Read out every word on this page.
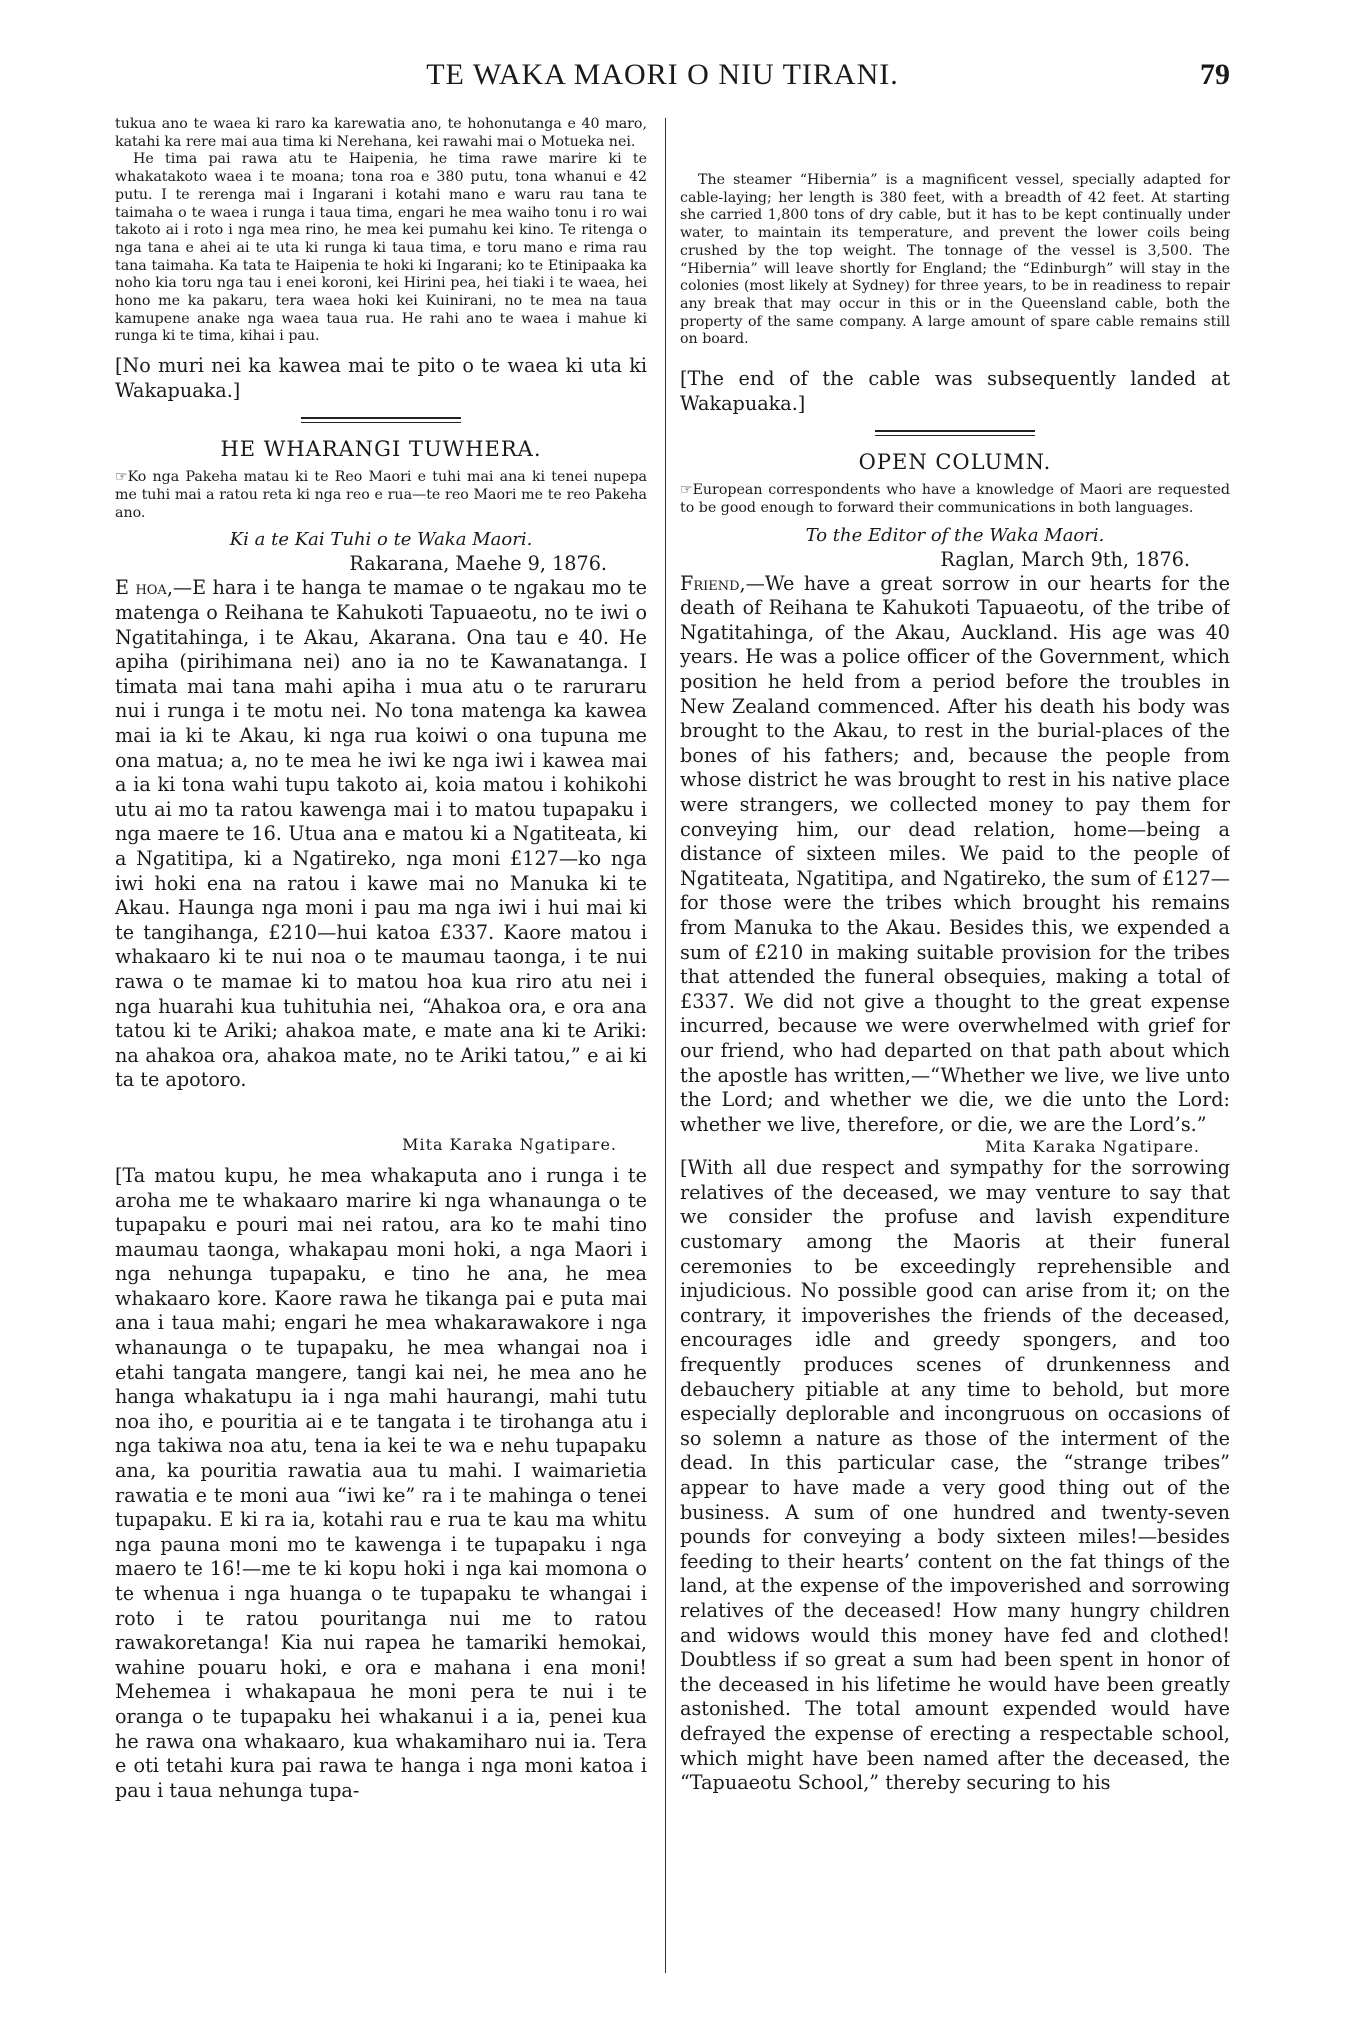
TE WAKA MAORI O NIU TIRANI.	79

tukua ano te waea ki raro ka karewatia ano, te hohonutanga e 40 maro, katahi ka rere mai aua tima ki Nerehana, kei rawahi mai o Motueka nei.

He tima pai rawa atu te Haipenia, he tima rawe marire ki te whakatakoto waea i te moana; tona roa e 380 putu, tona whanui e 42 putu. I te rerenga mai i Ingarani i kotahi mano e waru rau tana te taimaha o te waea i runga i taua tima, engari he mea waiho tonu i ro wai takoto ai i roto i nga mea rino, he mea kei pumahu kei kino. Te ritenga o nga tana e ahei ai te uta ki runga ki taua tima, e toru mano e rima rau tana taimaha. Ka tata te Haipenia te hoki ki Ingarani; ko te Etinipaaka ka noho kia toru nga tau i enei koroni, kei Hirini pea, hei tiaki i te waea, hei hono me ka pakaru, tera waea hoki kei Kuinirani, no te mea na taua kamupene anake nga waea taua rua. He rahi ano te waea i mahue ki runga ki te tima, kihai i pau.

[No muri nei ka kawea mai te pito o te waea ki uta ki Wakapuaka.]

HE WHARANGI TUWHERA.

☞Ko nga Pakeha matau ki te Reo Maori e tuhi mai ana ki tenei nupepa me tuhi mai a ratou reta ki nga reo e rua—te reo Maori me te reo Pakeha ano.

Ki a te Kai Tuhi o te Waka Maori.
Rakarana, Maehe 9, 1876.

E hoa,—E hara i te hanga te mamae o te ngakau mo te matenga o Reihana te Kahukoti Tapuaeotu, no te iwi o Ngatitahinga, i te Akau, Akarana. Ona tau e 40. He apiha (pirihimana nei) ano ia no te Kawanatanga. I timata mai tana mahi apiha i mua atu o te raruraru nui i runga i te motu nei. No tona matenga ka kawea mai ia ki te Akau, ki nga rua koiwi o ona tupuna me ona matua; a, no te mea he iwi ke nga iwi i kawea mai a ia ki tona wahi tupu takoto ai, koia matou i kohikohi utu ai mo ta ratou kawenga mai i to matou tupapaku i nga maere te 16. Utua ana e matou ki a Ngatiteata, ki a Ngatitipa, ki a Ngatireko, nga moni £127—ko nga iwi hoki ena na ratou i kawe mai no Manuka ki te Akau. Haunga nga moni i pau ma nga iwi i hui mai ki te tangihanga, £210—hui katoa £337. Kaore matou i whakaaro ki te nui noa o te maumau taonga, i te nui rawa o te mamae ki to matou hoa kua riro atu nei i nga huarahi kua tuhituhia nei, “Ahakoa ora, e ora ana tatou ki te Ariki; ahakoa mate, e mate ana ki te Ariki: na ahakoa ora, ahakoa mate, no te Ariki tatou,” e ai ki ta te apotoro.

Mita Karaka Ngatipare.

[Ta matou kupu, he mea whakaputa ano i runga i te aroha me te whakaaro marire ki nga whanaunga o te tupapaku e pouri mai nei ratou, ara ko te mahi tino maumau taonga, whakapau moni hoki, a nga Maori i nga nehunga tupapaku, e tino he ana, he mea whakaaro kore. Kaore rawa he tikanga pai e puta mai ana i taua mahi; engari he mea whakarawakore i nga whanaunga o te tupapaku, he mea whangai noa i etahi tangata mangere, tangi kai nei, he mea ano he hanga whakatupu ia i nga mahi haurangi, mahi tutu noa iho, e pouritia ai e te tangata i te tirohanga atu i nga takiwa noa atu, tena ia kei te wa e nehu tupapaku ana, ka pouritia rawatia aua tu mahi. I waimarietia rawatia e te moni aua “iwi ke” ra i te mahinga o tenei tupapaku. E ki ra ia, kotahi rau e rua te kau ma whitu nga pauna moni mo te kawenga i te tupapaku i nga maero te 16!—me te ki kopu hoki i nga kai momona o te whenua i nga huanga o te tupapaku te whangai i roto i te ratou pouritanga nui me to ratou rawakoretanga! Kia nui rapea he tamariki hemokai, wahine pouaru hoki, e ora e mahana i ena moni! Mehemea i whakapaua he moni pera te nui i te oranga o te tupapaku hei whakanui i a ia, penei kua he rawa ona whakaaro, kua whakamiharo nui ia. Tera e oti tetahi kura pai rawa te hanga i nga moni katoa i pau i taua nehunga tupa-

The steamer “Hibernia” is a magnificent vessel, specially adapted for cable-laying; her length is 380 feet, with a breadth of 42 feet. At starting she carried 1,800 tons of dry cable, but it has to be kept continually under water, to maintain its temperature, and prevent the lower coils being crushed by the top weight. The tonnage of the vessel is 3,500. The “Hibernia” will leave shortly for England; the “Edinburgh” will stay in the colonies (most likely at Sydney) for three years, to be in readiness to repair any break that may occur in this or in the Queensland cable, both the property of the same company. A large amount of spare cable remains still on board.

[The end of the cable was subsequently landed at Wakapuaka.]

OPEN COLUMN.

☞European correspondents who have a knowledge of Maori are requested to be good enough to forward their communications in both languages.

To the Editor of the Waka Maori.
Raglan, March 9th, 1876.

Friend,—We have a great sorrow in our hearts for the death of Reihana te Kahukoti Tapuaeotu, of the tribe of Ngatitahinga, of the Akau, Auckland. His age was 40 years. He was a police officer of the Government, which position he held from a period before the troubles in New Zealand commenced. After his death his body was brought to the Akau, to rest in the burial-places of the bones of his fathers; and, because the people from whose district he was brought to rest in his native place were strangers, we collected money to pay them for conveying him, our dead relation, home—being a distance of sixteen miles. We paid to the people of Ngatiteata, Ngatitipa, and Ngatireko, the sum of £127—for those were the tribes which brought his remains from Manuka to the Akau. Besides this, we expended a sum of £210 in making suitable provision for the tribes that attended the funeral obsequies, making a total of £337. We did not give a thought to the great expense incurred, because we were overwhelmed with grief for our friend, who had departed on that path about which the apostle has written,—“Whether we live, we live unto the Lord; and whether we die, we die unto the Lord: whether we live, therefore, or die, we are the Lord’s.”

Mita Karaka Ngatipare.

[With all due respect and sympathy for the sorrowing relatives of the deceased, we may venture to say that we consider the profuse and lavish expenditure customary among the Maoris at their funeral ceremonies to be exceedingly reprehensible and injudicious. No possible good can arise from it; on the contrary, it impoverishes the friends of the deceased, encourages idle and greedy spongers, and too frequently produces scenes of drunkenness and debauchery pitiable at any time to behold, but more especially deplorable and incongruous on occasions of so solemn a nature as those of the interment of the dead. In this particular case, the “strange tribes” appear to have made a very good thing out of the business. A sum of one hundred and twenty-seven pounds for conveying a body sixteen miles!—besides feeding to their hearts’ content on the fat things of the land, at the expense of the impoverished and sorrowing relatives of the deceased! How many hungry children and widows would this money have fed and clothed! Doubtless if so great a sum had been spent in honor of the deceased in his lifetime he would have been greatly astonished. The total amount expended would have defrayed the expense of erecting a respectable school, which might have been named after the deceased, the “Tapuaeotu School,” thereby securing to his
